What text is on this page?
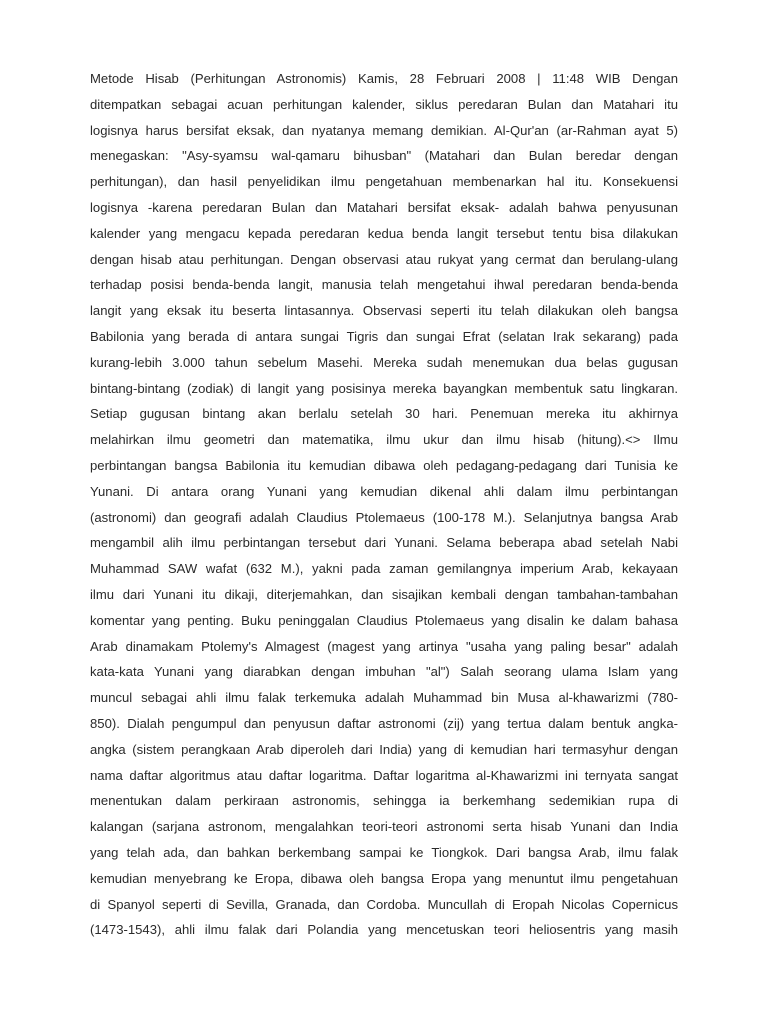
Metode Hisab (Perhitungan Astronomis) Kamis, 28 Februari 2008 | 11:48 WIB Dengan
ditempatkan sebagai acuan perhitungan kalender, siklus peredaran Bulan dan Matahari itu
logisnya harus bersifat eksak, dan nyatanya memang demikian. Al-Qur'an (ar-Rahman ayat 5)
menegaskan: "Asy-syamsu wal-qamaru bihusban" (Matahari dan Bulan beredar dengan
perhitungan), dan hasil penyelidikan ilmu pengetahuan membenarkan hal itu. Konsekuensi
logisnya -karena peredaran Bulan dan Matahari bersifat eksak- adalah bahwa penyusunan
kalender yang mengacu kepada peredaran kedua benda langit tersebut tentu bisa dilakukan
dengan hisab atau perhitungan. Dengan observasi atau rukyat yang cermat dan berulang-ulang
terhadap posisi benda-benda langit, manusia telah mengetahui ihwal peredaran benda-benda
langit yang eksak itu beserta lintasannya. Observasi seperti itu telah dilakukan oleh bangsa
Babilonia yang berada di antara sungai Tigris dan sungai Efrat (selatan Irak sekarang) pada
kurang-lebih 3.000 tahun sebelum Masehi. Mereka sudah menemukan dua belas gugusan
bintang-bintang (zodiak) di langit yang posisinya mereka bayangkan membentuk satu lingkaran.
Setiap gugusan bintang akan berlalu setelah 30 hari. Penemuan mereka itu akhirnya
melahirkan ilmu geometri dan matematika, ilmu ukur dan ilmu hisab (hitung).<> Ilmu
perbintangan bangsa Babilonia itu kemudian dibawa oleh pedagang-pedagang dari Tunisia ke
Yunani. Di antara orang Yunani yang kemudian dikenal ahli dalam ilmu perbintangan
(astronomi) dan geografi adalah Claudius Ptolemaeus (100-178 M.). Selanjutnya bangsa Arab
mengambil alih ilmu perbintangan tersebut dari Yunani. Selama beberapa abad setelah Nabi
Muhammad SAW wafat (632 M.), yakni pada zaman gemilangnya imperium Arab, kekayaan
ilmu dari Yunani itu dikaji, diterjemahkan, dan sisajikan kembali dengan tambahan-tambahan
komentar yang penting. Buku peninggalan Claudius Ptolemaeus yang disalin ke dalam bahasa
Arab dinamakam Ptolemy's Almagest (magest yang artinya "usaha yang paling besar" adalah
kata-kata Yunani yang diarabkan dengan imbuhan "al") Salah seorang ulama Islam yang
muncul sebagai ahli ilmu falak terkemuka adalah Muhammad bin Musa al-khawarizmi (780-
850). Dialah pengumpul dan penyusun daftar astronomi (zij) yang tertua dalam bentuk angka-
angka (sistem perangkaan Arab diperoleh dari India) yang di kemudian hari termasyhur dengan
nama daftar algoritmus atau daftar logaritma. Daftar logaritma al-Khawarizmi ini ternyata sangat
menentukan dalam perkiraan astronomis, sehingga ia berkemhang sedemikian rupa di
kalangan (sarjana astronom, mengalahkan teori-teori astronomi serta hisab Yunani dan India
yang telah ada, dan bahkan berkembang sampai ke Tiongkok. Dari bangsa Arab, ilmu falak
kemudian menyebrang ke Eropa, dibawa oleh bangsa Eropa yang menuntut ilmu pengetahuan
di Spanyol seperti di Sevilla, Granada, dan Cordoba. Muncullah di Eropah Nicolas Copernicus
(1473-1543), ahli ilmu falak dari Polandia yang mencetuskan teori heliosentris yang masih
